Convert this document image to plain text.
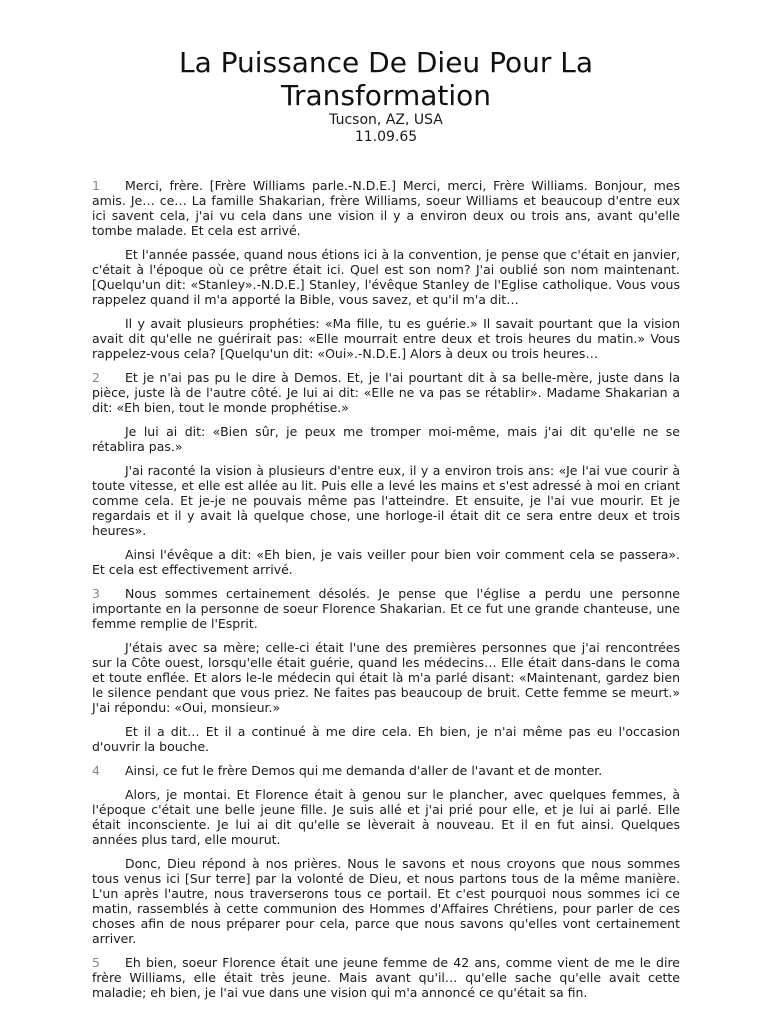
La Puissance De Dieu Pour La
Transformation

Tucson, AZ, USA

11.09.65

1 Merci, frère. [Frère Williams parle.-N.D.E.] Merci, merci, Frère Williams. Bonjour, mes amis. Je… ce… La famille Shakarian, frère Williams, soeur Williams et beaucoup d'entre eux ici savent cela, j'ai vu cela dans une vision il y a environ deux ou trois ans, avant qu'elle tombe malade. Et cela est arrivé.

Et l'année passée, quand nous étions ici à la convention, je pense que c'était en janvier, c'était à l'époque où ce prêtre était ici. Quel est son nom? J'ai oublié son nom maintenant. [Quelqu'un dit: «Stanley».-N.D.E.] Stanley, l'évêque Stanley de l'Eglise catholique. Vous vous rappelez quand il m'a apporté la Bible, vous savez, et qu'il m'a dit…

Il y avait plusieurs prophéties: «Ma fille, tu es guérie.» Il savait pourtant que la vision avait dit qu'elle ne guérirait pas: «Elle mourrait entre deux et trois heures du matin.» Vous rappelez-vous cela? [Quelqu'un dit: «Oui».-N.D.E.] Alors à deux ou trois heures…

2 Et je n'ai pas pu le dire à Demos. Et, je l'ai pourtant dit à sa belle-mère, juste dans la pièce, juste là de l'autre côté. Je lui ai dit: «Elle ne va pas se rétablir». Madame Shakarian a dit: «Eh bien, tout le monde prophétise.»

Je lui ai dit: «Bien sûr, je peux me tromper moi-même, mais j'ai dit qu'elle ne se rétablira pas.»

J'ai raconté la vision à plusieurs d'entre eux, il y a environ trois ans: «Je l'ai vue courir à toute vitesse, et elle est allée au lit. Puis elle a levé les mains et s'est adressé à moi en criant comme cela. Et je-je ne pouvais même pas l'atteindre. Et ensuite, je l'ai vue mourir. Et je regardais et il y avait là quelque chose, une horloge-il était dit ce sera entre deux et trois heures».

Ainsi l'évêque a dit: «Eh bien, je vais veiller pour bien voir comment cela se passera». Et cela est effectivement arrivé.

3 Nous sommes certainement désolés. Je pense que l'église a perdu une personne importante en la personne de soeur Florence Shakarian. Et ce fut une grande chanteuse, une femme remplie de l'Esprit.

J'étais avec sa mère; celle-ci était l'une des premières personnes que j'ai rencontrées sur la Côte ouest, lorsqu'elle était guérie, quand les médecins… Elle était dans-dans le coma et toute enflée. Et alors le-le médecin qui était là m'a parlé disant: «Maintenant, gardez bien le silence pendant que vous priez. Ne faites pas beaucoup de bruit. Cette femme se meurt.» J'ai répondu: «Oui, monsieur.»

Et il a dit… Et il a continué à me dire cela. Eh bien, je n'ai même pas eu l'occasion d'ouvrir la bouche.

4 Ainsi, ce fut le frère Demos qui me demanda d'aller de l'avant et de monter.

Alors, je montai. Et Florence était à genou sur le plancher, avec quelques femmes, à l'époque c'était une belle jeune fille. Je suis allé et j'ai prié pour elle, et je lui ai parlé. Elle était inconsciente. Je lui ai dit qu'elle se lèverait à nouveau. Et il en fut ainsi. Quelques années plus tard, elle mourut.

Donc, Dieu répond à nos prières. Nous le savons et nous croyons que nous sommes tous venus ici [Sur terre] par la volonté de Dieu, et nous partons tous de la même manière. L'un après l'autre, nous traverserons tous ce portail. Et c'est pourquoi nous sommes ici ce matin, rassemblés à cette communion des Hommes d'Affaires Chrétiens, pour parler de ces choses afin de nous préparer pour cela, parce que nous savons qu'elles vont certainement arriver.

5 Eh bien, soeur Florence était une jeune femme de 42 ans, comme vient de me le dire frère Williams, elle était très jeune. Mais avant qu'il… qu'elle sache qu'elle avait cette maladie; eh bien, je l'ai vue dans une vision qui m'a annoncé ce qu'était sa fin.
